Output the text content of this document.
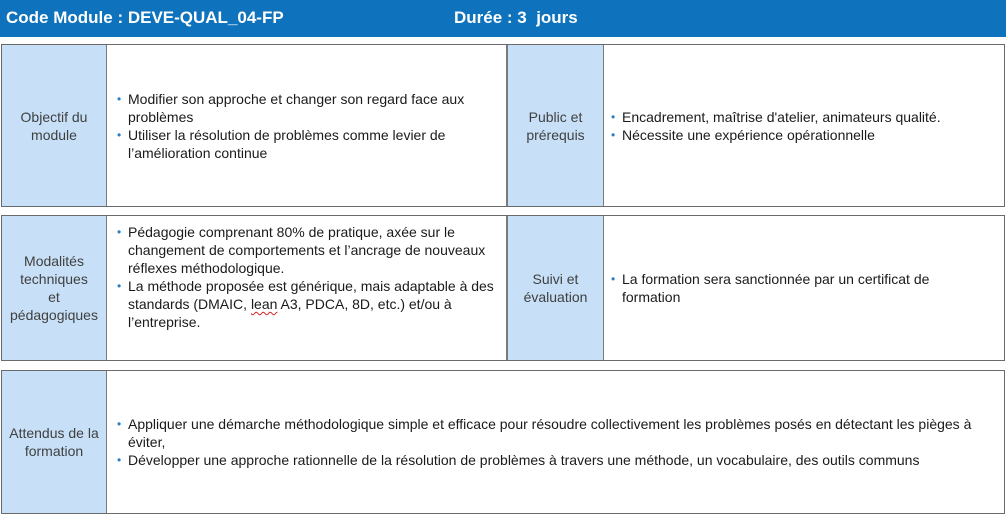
Code Module : DEVE-QUAL_04-FP	Durée : 3  jours
Objectif du
module
• Modifier son approche et changer son regard face aux problèmes
• Utiliser la résolution de problèmes comme levier de l’amélioration continue
Public et
prérequis
• Encadrement, maîtrise d'atelier, animateurs qualité.
• Nécessite une expérience opérationnelle
Modalités
techniques
et
pédagogiques
• Pédagogie comprenant 80% de pratique, axée sur le changement de comportements et l’ancrage de nouveaux réflexes méthodologique.
• La méthode proposée est générique, mais adaptable à des standards (DMAIC, lean A3, PDCA, 8D, etc.) et/ou à l’entreprise.
Suivi et
évaluation
• La formation sera sanctionnée par un certificat de formation
Attendus de la
formation
• Appliquer une démarche méthodologique simple et efficace pour résoudre collectivement les problèmes posés en détectant les pièges à éviter,
• Développer une approche rationnelle de la résolution de problèmes à travers une méthode, un vocabulaire, des outils communs
